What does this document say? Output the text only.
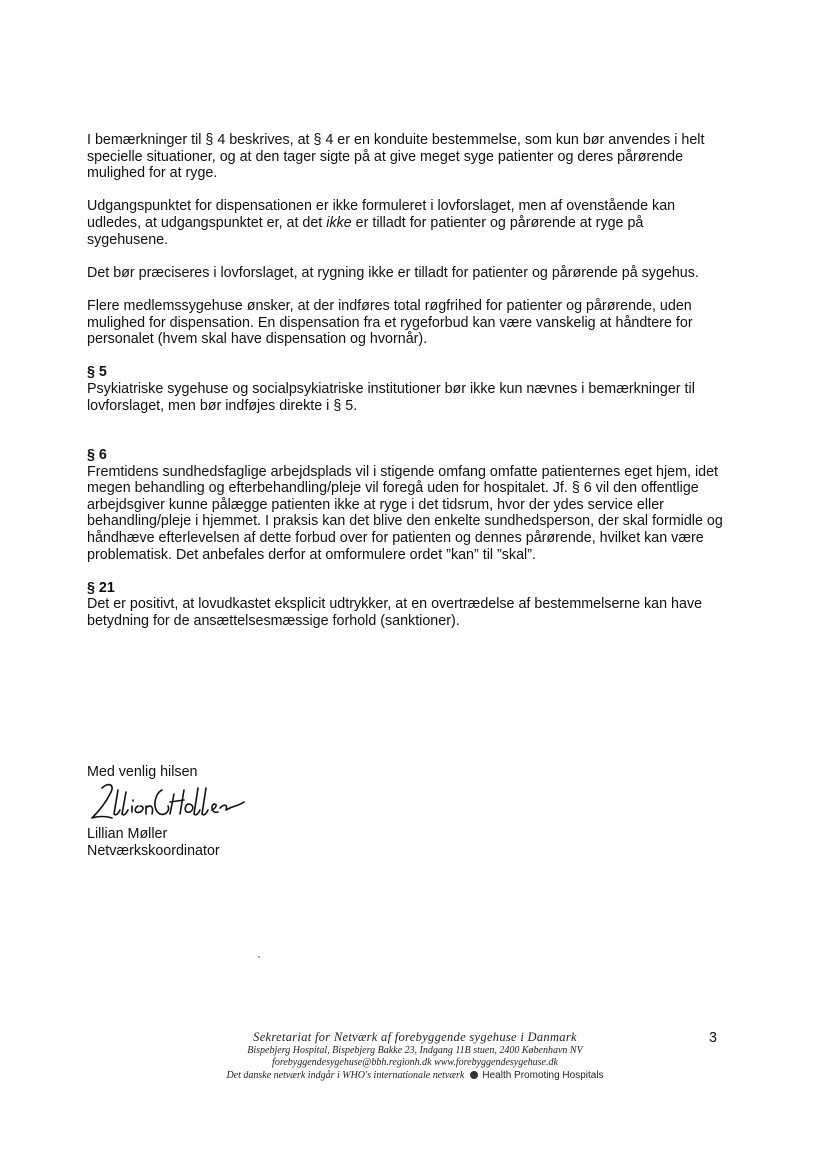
I bemærkninger til § 4 beskrives, at § 4 er en konduite bestemmelse, som kun bør anvendes i helt specielle situationer, og at den tager sigte på at give meget syge patienter og deres pårørende mulighed for at ryge.

Udgangspunktet for dispensationen er ikke formuleret i lovforslaget, men af ovenstående kan udledes, at udgangspunktet er, at det ikke er tilladt for patienter og pårørende at ryge på sygehusene.

Det bør præciseres i lovforslaget, at rygning ikke er tilladt for patienter og pårørende på sygehus.

Flere medlemssygehuse ønsker, at der indføres total røgfrihed for patienter og pårørende, uden mulighed for dispensation. En dispensation fra et rygeforbud kan være vanskelig at håndtere for personalet (hvem skal have dispensation og hvornår).

§ 5
Psykiatriske sygehuse og socialpsykiatriske institutioner bør ikke kun nævnes i bemærkninger til lovforslaget, men bør indføjes direkte i § 5.

§ 6
Fremtidens sundhedsfaglige arbejdsplads vil i stigende omfang omfatte patienternes eget hjem, idet megen behandling og efterbehandling/pleje vil foregå uden for hospitalet. Jf. § 6 vil den offentlige arbejdsgiver kunne pålægge patienten ikke at ryge i det tidsrum, hvor der ydes service eller behandling/pleje i hjemmet. I praksis kan det blive den enkelte sundhedsperson, der skal formidle og håndhæve efterlevelsen af dette forbud over for patienten og dennes pårørende, hvilket kan være problematisk. Det anbefales derfor at omformulere ordet ”kan” til ”skal”.

§ 21
Det er positivt, at lovudkastet eksplicit udtrykker, at en overtrædelse af bestemmelserne kan have betydning for de ansættelsesmæssige forhold (sanktioner).

Med venlig hilsen
Lillian Møller
Netværkskoordinator
Sekretariat for Netværk af forebyggende sygehuse i Danmark
Bispebjerg Hospital, Bispebjerg Bakke 23, Indgang 11B stuen, 2400 København NV
forebyggendesygehuse@bbh.regionh.dk www.forebyggendesygehuse.dk
Det danske netværk indgår i WHO's internationale netværk Health Promoting Hospitals
3
